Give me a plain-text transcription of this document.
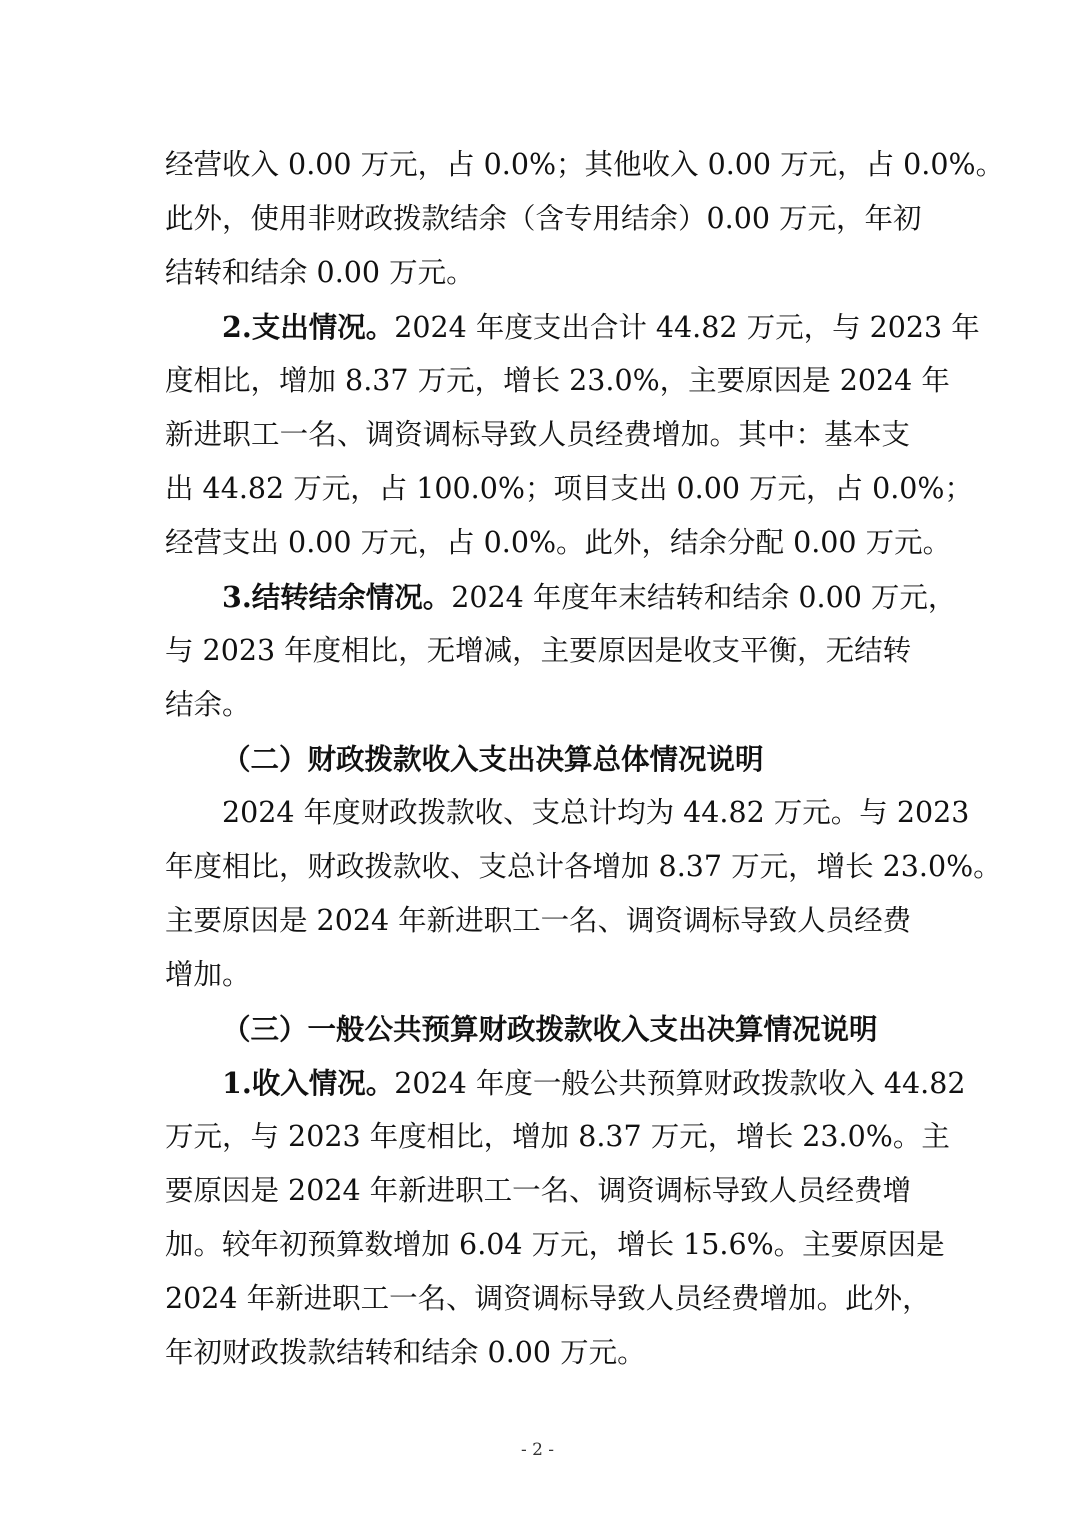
经营收入 0.00 万元，占 0.0%；其他收入 0.00 万元，占 0.0%。
此外，使用非财政拨款结余（含专用结余）0.00 万元，年初
结转和结余 0.00 万元。
2.支出情况。2024 年度支出合计 44.82 万元，与 2023 年
度相比，增加 8.37 万元，增长 23.0%，主要原因是 2024 年
新进职工一名、调资调标导致人员经费增加。其中：基本支
出 44.82 万元，占 100.0%；项目支出 0.00 万元，占 0.0%；
经营支出 0.00 万元，占 0.0%。此外，结余分配 0.00 万元。
3.结转结余情况。2024 年度年末结转和结余 0.00 万元，
与 2023 年度相比，无增减，主要原因是收支平衡，无结转
结余。
（二）财政拨款收入支出决算总体情况说明
2024 年度财政拨款收、支总计均为 44.82 万元。与 2023
年度相比，财政拨款收、支总计各增加 8.37 万元，增长 23.0%。
主要原因是 2024 年新进职工一名、调资调标导致人员经费
增加。
（三）一般公共预算财政拨款收入支出决算情况说明
1.收入情况。2024 年度一般公共预算财政拨款收入 44.82
万元，与 2023 年度相比，增加 8.37 万元，增长 23.0%。主
要原因是 2024 年新进职工一名、调资调标导致人员经费增
加。较年初预算数增加 6.04 万元，增长 15.6%。主要原因是
2024 年新进职工一名、调资调标导致人员经费增加。此外，
年初财政拨款结转和结余 0.00 万元。
- 2 -
